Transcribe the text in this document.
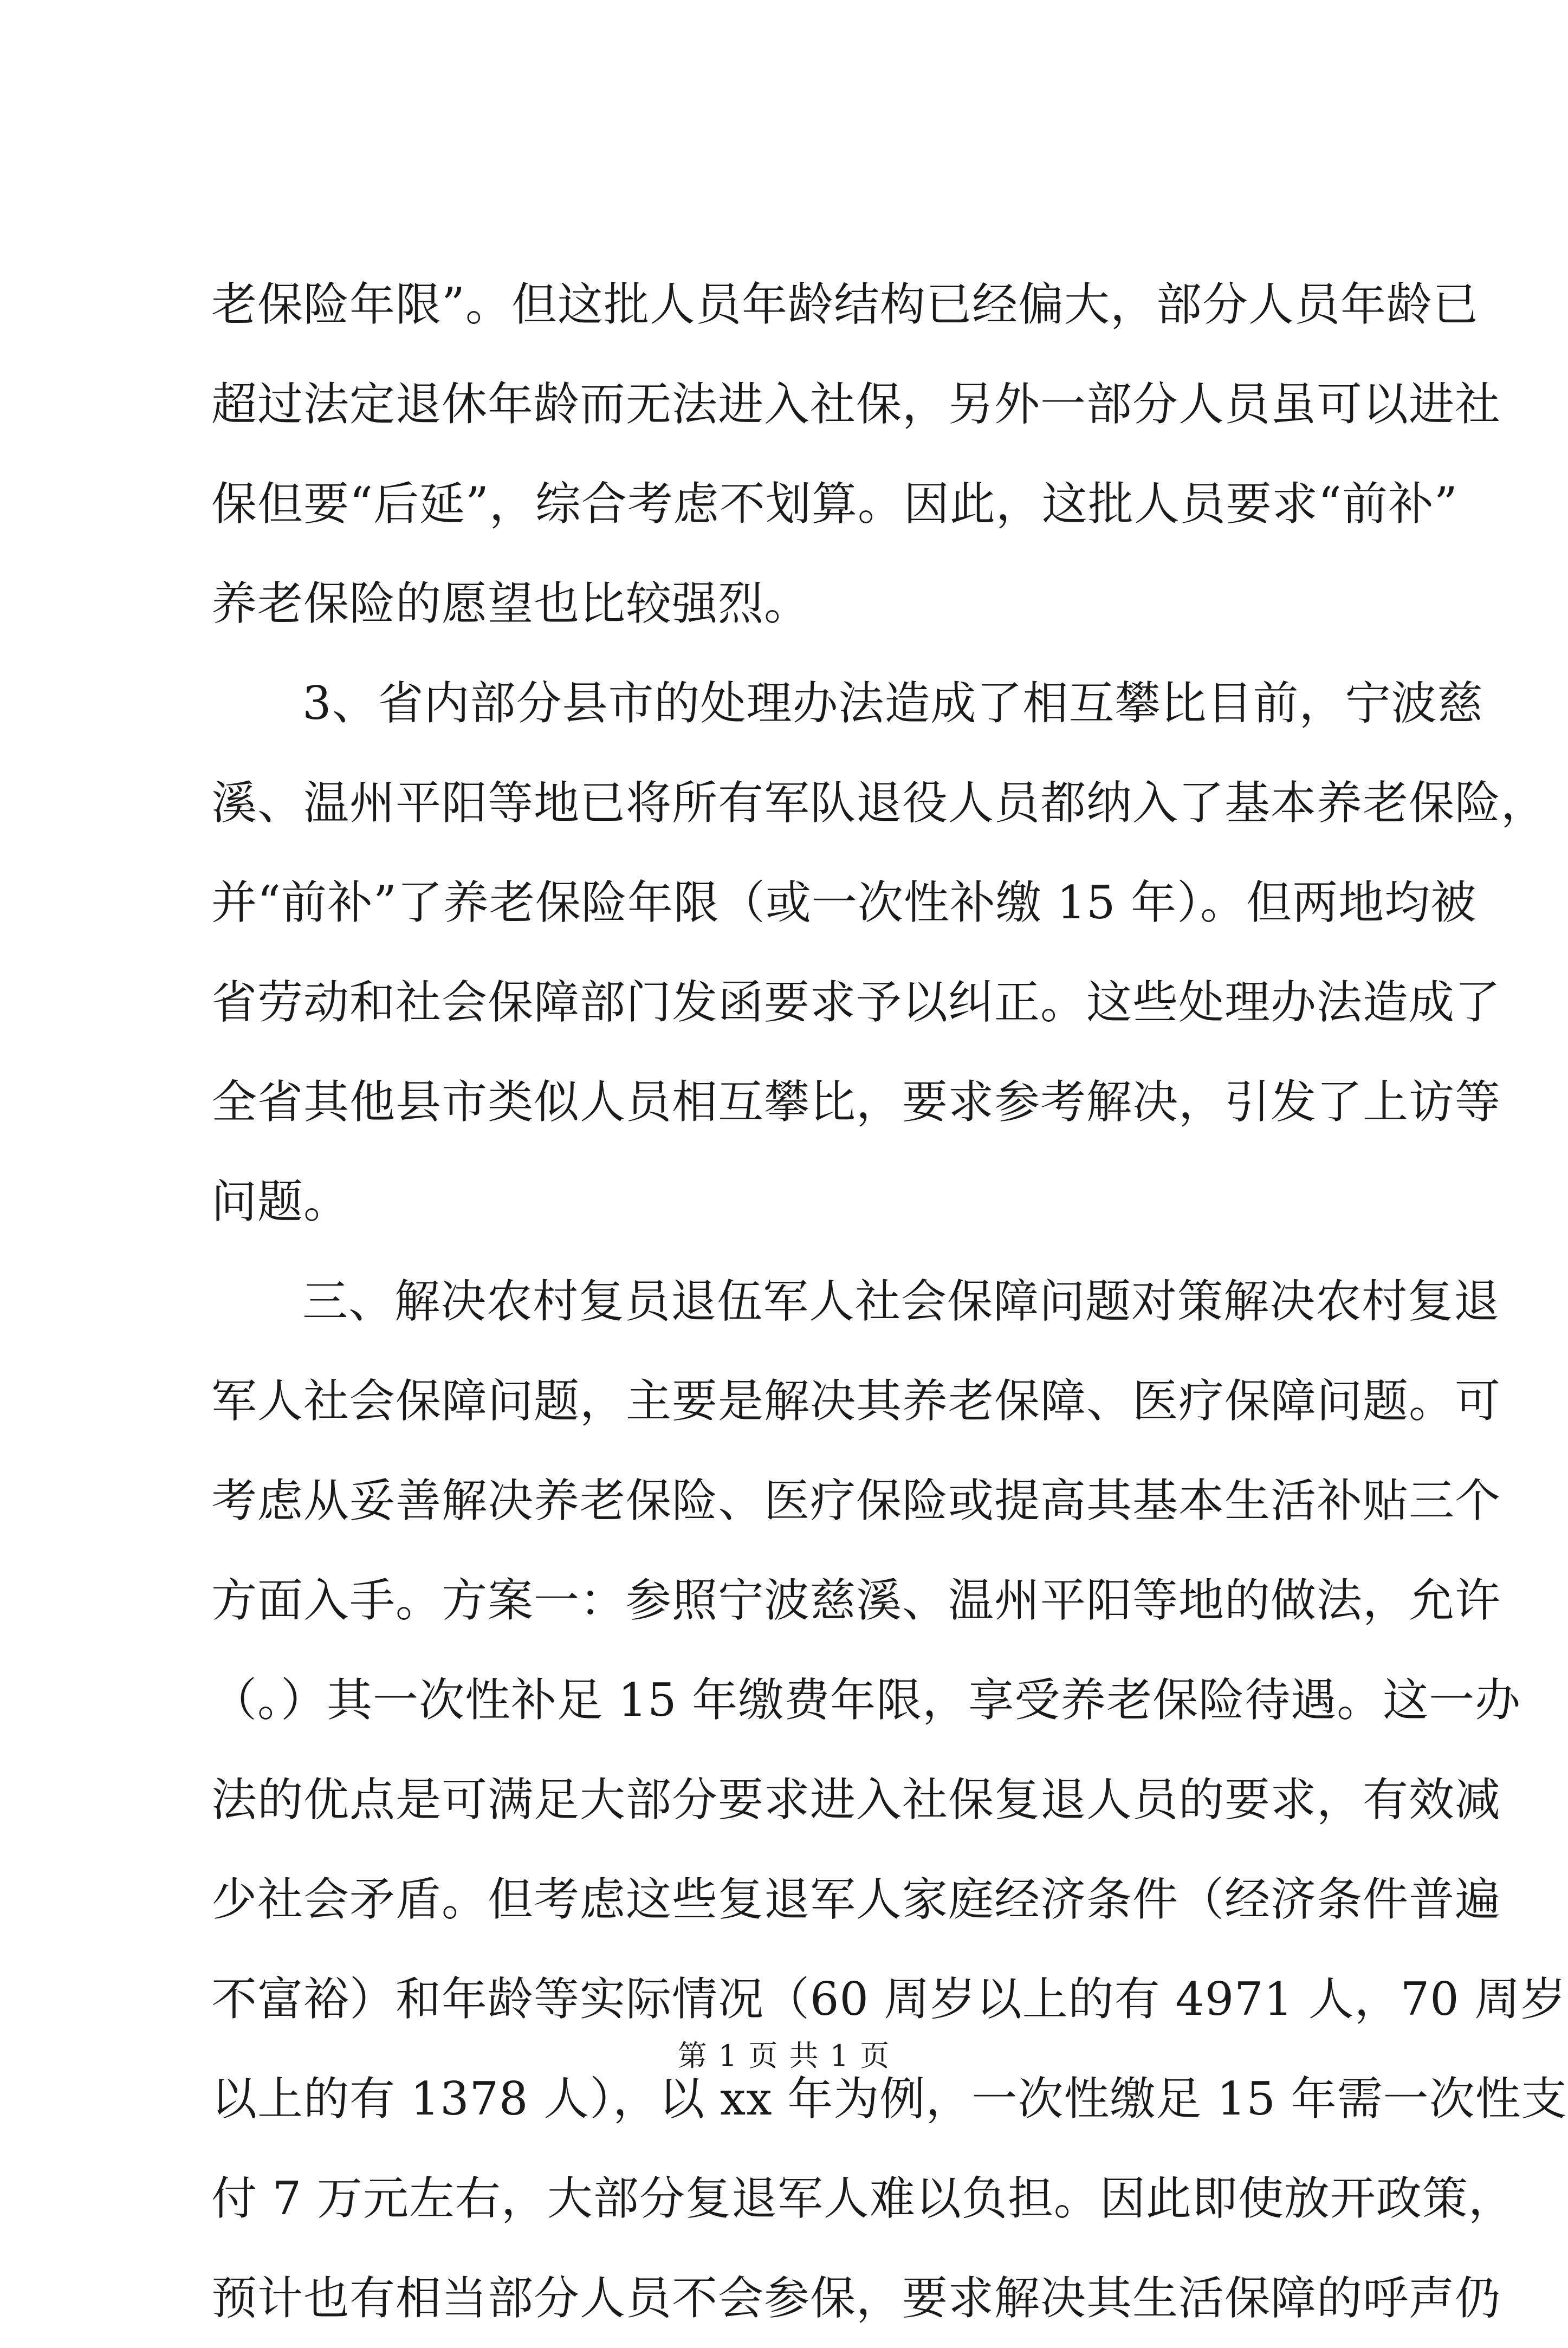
老保险年限”。但这批人员年龄结构已经偏大，部分人员年龄已
超过法定退休年龄而无法进入社保，另外一部分人员虽可以进社
保但要“后延”，综合考虑不划算。因此，这批人员要求“前补”
养老保险的愿望也比较强烈。
3、省内部分县市的处理办法造成了相互攀比目前，宁波慈
溪、温州平阳等地已将所有军队退役人员都纳入了基本养老保险，
并“前补”了养老保险年限（或一次性补缴 15 年）。但两地均被
省劳动和社会保障部门发函要求予以纠正。这些处理办法造成了
全省其他县市类似人员相互攀比，要求参考解决，引发了上访等
问题。
三、解决农村复员退伍军人社会保障问题对策解决农村复退
军人社会保障问题，主要是解决其养老保障、医疗保障问题。可
考虑从妥善解决养老保险、医疗保险或提高其基本生活补贴三个
方面入手。方案一：参照宁波慈溪、温州平阳等地的做法，允许
（。）其一次性补足 15 年缴费年限，享受养老保险待遇。这一办
法的优点是可满足大部分要求进入社保复退人员的要求，有效减
少社会矛盾。但考虑这些复退军人家庭经济条件（经济条件普遍
不富裕）和年龄等实际情况（60 周岁以上的有 4971 人，70 周岁
以上的有 1378 人），以 xx 年为例，一次性缴足 15 年需一次性支
付 7 万元左右，大部分复退军人难以负担。因此即使放开政策，
预计也有相当部分人员不会参保，要求解决其生活保障的呼声仍
第 1 页 共 1 页
